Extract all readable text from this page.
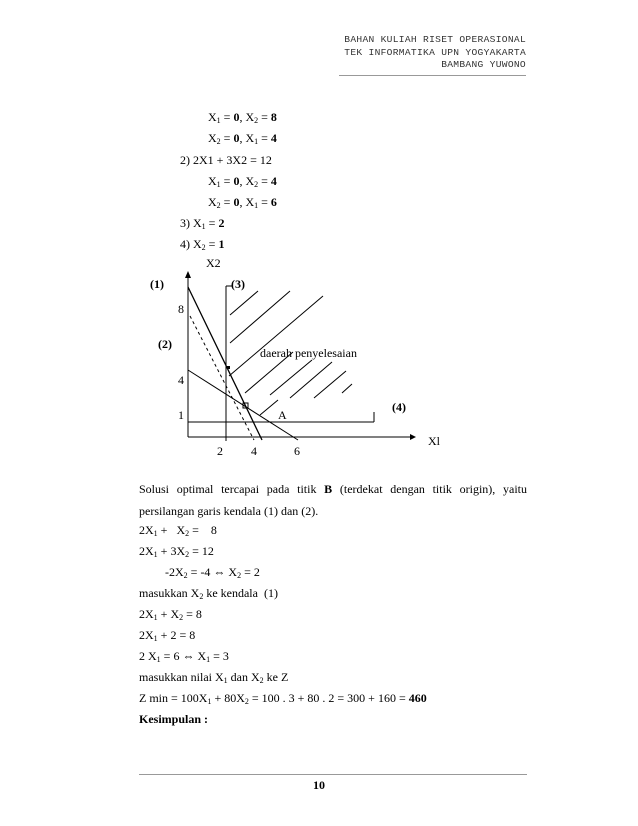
BAHAN KULIAH RISET OPERASIONAL
TEK INFORMATIKA UPN YOGYAKARTA
BAMBANG YUWONO
$X_1 = 0$, $X_2 = 8$
$X_2 = 0$, $X_1 = 4$
2) 2X1 + 3X2 = 12
$X_1 = 0$, $X_2 = 4$
$X_2 = 0$, $X_1 = 6$
3) $X_1 = 2$
4) $X_2 = 1$
X2
Xl
(1)
(2)
(3)
(4)
daerah penyelesaian
A
8
4
1
2 4	6
Solusi optimal tercapai pada titik B (terdekat dengan titik origin), yaitu persilangan garis kendala (1) dan (2).
$2X_1 + X_2$ =    8
$2X_1 + 3X_2 = 12$
$-2X_2 = -4$ ⇔ $X_2 = 2$
masukkan $X_2$ ke kendala  (1)
$2X_1 + X_2 = 8$
$2X_1 + 2 = 8$
2 $X_1 = 6$ ⇔ $X_1 = 3$
masukkan nilai $X_1$ dan $X_2$ ke Z
Z $\min = 100X_1 + 80X_2 = 100$ . 3 + 80 . 2 = 300 + 160 = 460
Kesimpulan :
10
